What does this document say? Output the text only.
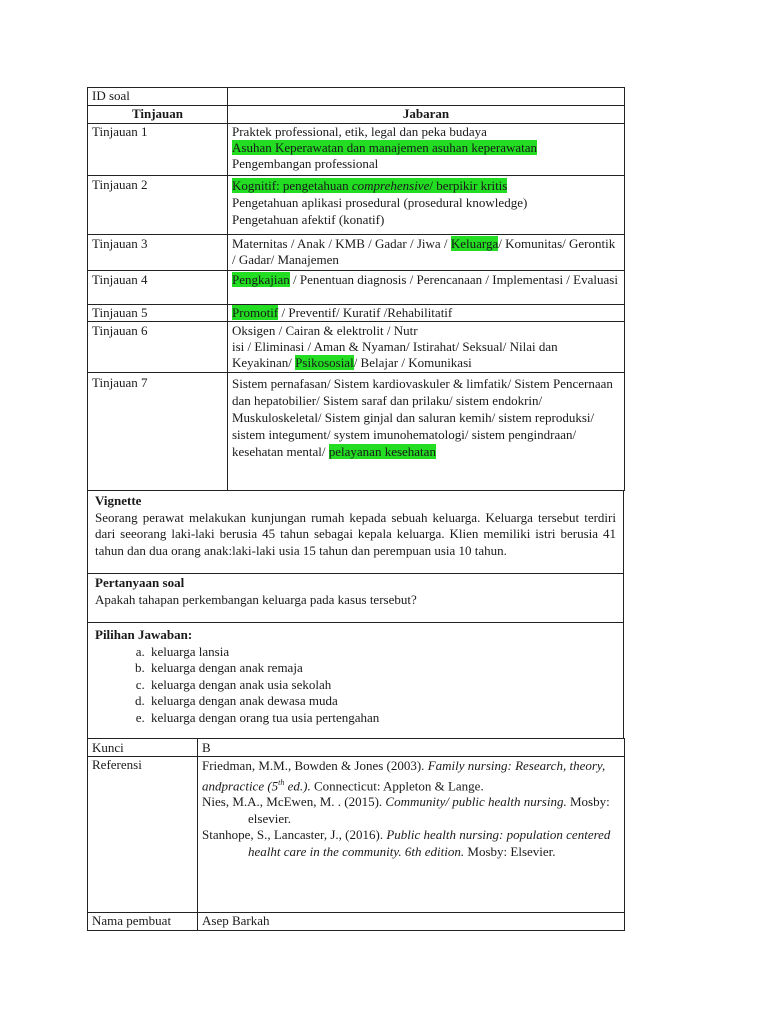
ID soal	
Tinjauan	Jabaran
Tinjauan 1	Praktek professional, etik, legal dan peka budaya
Asuhan Keperawatan dan manajemen asuhan keperawatan
Pengembangan professional

Tinjauan 2	Kognitif: pengetahuan comprehensive/ berpikir kritis
Pengetahuan aplikasi prosedural (prosedural knowledge)
Pengetahuan afektif (konatif)

Tinjauan 3	Maternitas / Anak / KMB / Gadar / Jiwa / Keluarga/ Komunitas/ Gerontik / Gadar/ Manajemen
Tinjauan 4	Pengkajian / Penentuan diagnosis / Perencanaan / Implementasi / Evaluasi
Tinjauan 5	Promotif / Preventif/ Kuratif /Rehabilitatif
Tinjauan 6	Oksigen / Cairan & elektrolit / Nutr
isi / Eliminasi / Aman & Nyaman/ Istirahat/ Seksual/ Nilai dan Keyakinan/ Psikososial/ Belajar / Komunikasi

Tinjauan 7	Sistem pernafasan/ Sistem kardiovaskuler & limfatik/ Sistem Pencernaan dan hepatobilier/ Sistem saraf dan prilaku/ sistem endokrin/ Muskuloskeletal/ Sistem ginjal dan saluran kemih/ sistem reproduksi/ sistem integument/ system imunohematologi/ sistem pengindraan/ kesehatan mental/ pelayanan kesehatan

Vignette

Seorang perawat melakukan kunjungan rumah kepada sebuah keluarga. Keluarga tersebut terdiri dari seeorang laki-laki berusia 45 tahun sebagai kepala keluarga. Klien memiliki istri berusia 41 tahun dan dua orang anak:laki-laki usia 15 tahun dan perempuan usia 10 tahun.

Pertanyaan soal

Apakah tahapan perkembangan keluarga pada kasus tersebut?

Pilihan Jawaban:

a. keluarga lansia
b. keluarga dengan anak remaja
c. keluarga dengan anak usia sekolah
d. keluarga dengan anak dewasa muda
e. keluarga dengan orang tua usia pertengahan
Kunci	B
Referensi	Friedman, M.M., Bowden & Jones (2003). Family nursing: Research, theory, andpractice (5th ed.). Connecticut: Appleton & Lange.
Nies, M.A., McEwen, M. . (2015). Community/ public health nursing. Mosby: elsevier.
Stanhope, S., Lancaster, J., (2016). Public health nursing: population centered healht care in the community. 6th edition. Mosby: Elsevier.

Nama pembuat	Asep Barkah
